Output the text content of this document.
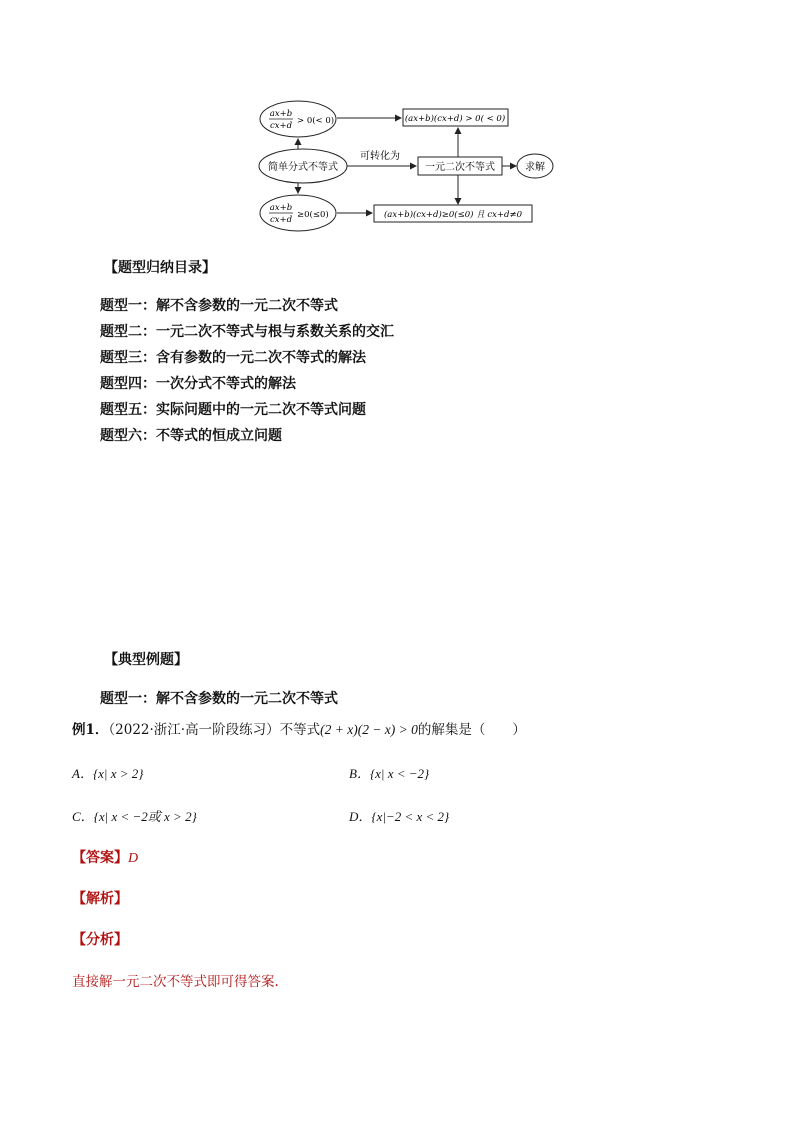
ax+b
cx+d > 0(< 0)
简单分式不等式
ax+b
cx+d ≥0(≤0)
(ax+b)(cx+d) > 0( < 0)
一元二次不等式
可转化为
求解
(ax+b)(cx+d)≥0(≤0) 且 cx+d≠0
【题型归纳目录】
题型一：解不含参数的一元二次不等式
题型二：一元二次不等式与根与系数关系的交汇
题型三：含有参数的一元二次不等式的解法
题型四：一次分式不等式的解法
题型五：实际问题中的一元二次不等式问题
题型六：不等式的恒成立问题
【典型例题】
题型一：解不含参数的一元二次不等式
例1．（2022·浙江·高一阶段练习）不等式(2 + x)(2 − x) > 0的解集是（　　）
A．{x| x > 2}	B．{x| x < −2}
C．{x| x < −2或 x > 2}	D．{x|−2 < x < 2}
【答案】D
【解析】
【分析】
直接解一元二次不等式即可得答案.
